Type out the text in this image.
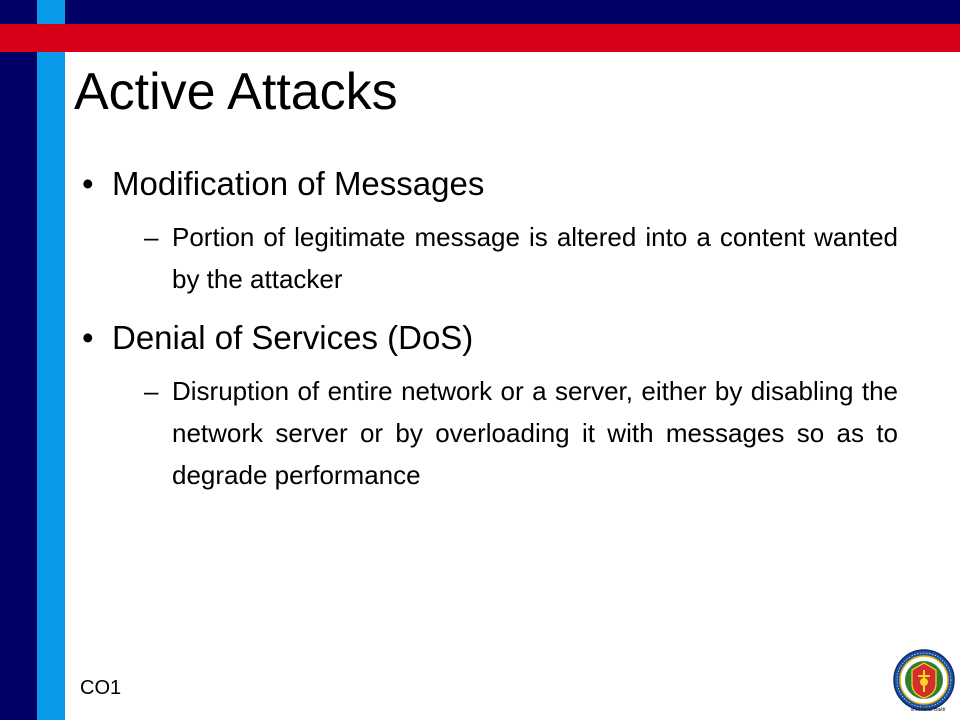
Active Attacks
• Modification of Messages
– Portion of legitimate message is altered into a content wanted by the attacker
• Denial of Services (DoS)
– Disruption of entire network or a server, either by disabling the network server or by overloading it with messages so as to degrade performance
CO1
Ilmu Amal Bakti
